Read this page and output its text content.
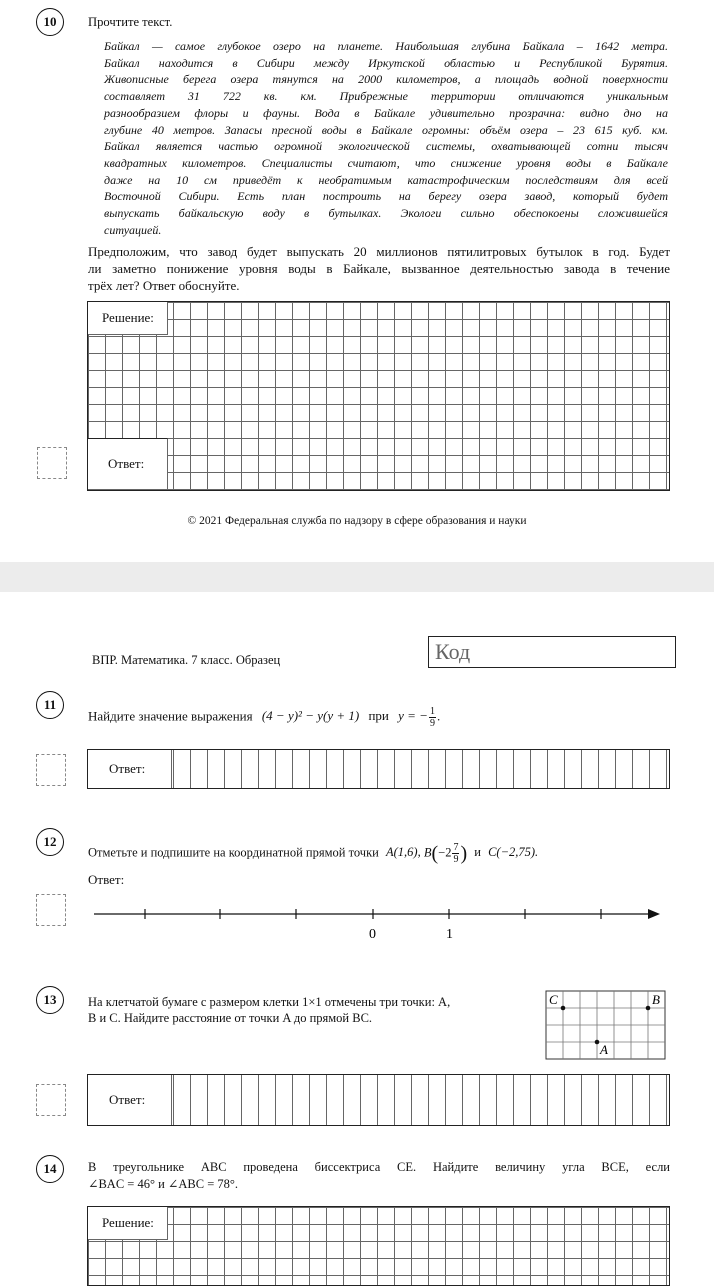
10	Прочтите текст.
Байкал — самое глубокое озеро на планете. Наибольшая глубина Байкала – 1642 метра.
Байкал находится в Сибири между Иркутской областью и Республикой Бурятия.
Живописные берега озера тянутся на 2000 километров, а площадь водной поверхности
составляет 31 722 кв. км. Прибрежные территории отличаются уникальным
разнообразием флоры и фауны. Вода в Байкале удивительно прозрачна: видно дно на
глубине 40 метров. Запасы пресной воды в Байкале огромны: объём озера – 23 615 куб. км.
Байкал является частью огромной экологической системы, охватывающей сотни тысяч
квадратных километров. Специалисты считают, что снижение уровня воды в Байкале
даже на 10 см приведёт к необратимым катастрофическим последствиям для всей
Восточной Сибири. Есть план построить на берегу озера завод, который будет
выпускать байкальскую воду в бутылках. Экологи сильно обеспокоены сложившейся
ситуацией.
Предположим, что завод будет выпускать 20 миллионов пятилитровых бутылок в год. Будет
ли заметно понижение уровня воды в Байкале, вызванное деятельностью завода в течение
трёх лет? Ответ обоснуйте.
Решение:
Ответ:
© 2021 Федеральная служба по надзору в сфере образования и науки
ВПР. Математика. 7 класс. Образец	Код
11
Найдите значение выражения (4 − y)² − y(y + 1) при y = − $\frac{1}{9}$ .
Ответ:
12
Отметьте и подпишите на координатной прямой точки A(1,6), $B(-2 \frac{7}{9}$ ) и C(−2,75).
Ответ:
0	1
13	На клетчатой бумаге с размером клетки 1×1 отмечены три точки: A,
B и C. Найдите расстояние от точки A до прямой BC.
C	B
A
Ответ:
14	В треугольнике ABC проведена биссектриса CE. Найдите величину угла BCE, если
∠BAC = 46° и ∠ABC = 78°.
Решение:
